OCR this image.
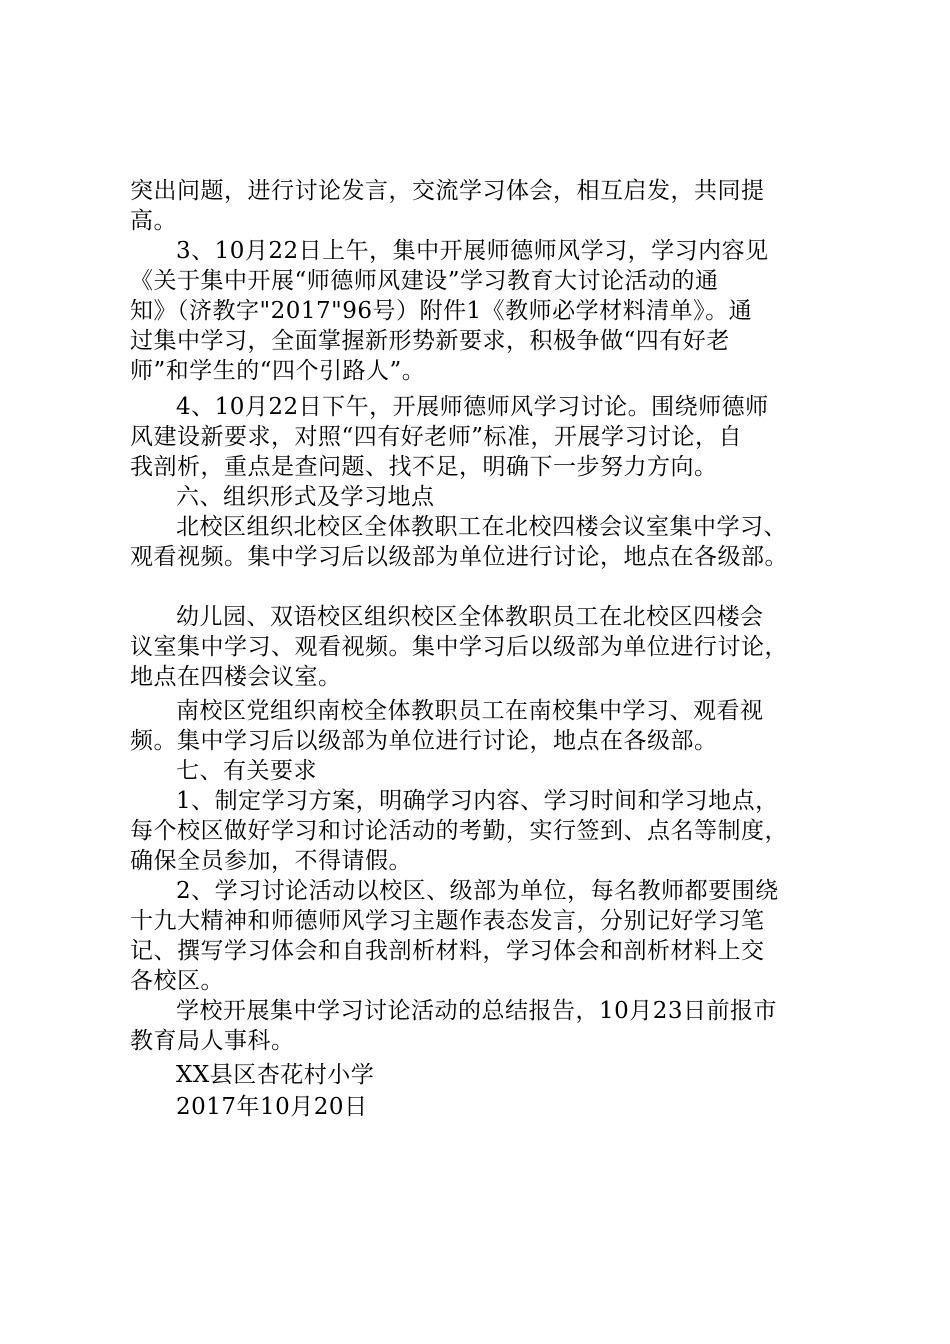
突出问题，进行讨论发言，交流学习体会，相互启发，共同提
高。
3、10月22日上午，集中开展师德师风学习，学习内容见
《关于集中开展“师德师风建设”学习教育大讨论活动的通
知》（济教字"2017"96号）附件1《教师必学材料清单》。通
过集中学习，全面掌握新形势新要求，积极争做“四有好老
师”和学生的“四个引路人”。
4、10月22日下午，开展师德师风学习讨论。围绕师德师
风建设新要求，对照“四有好老师”标准，开展学习讨论，自
我剖析，重点是查问题、找不足，明确下一步努力方向。
六、组织形式及学习地点
北校区组织北校区全体教职工在北校四楼会议室集中学习、
观看视频。集中学习后以级部为单位进行讨论，地点在各级部。
幼儿园、双语校区组织校区全体教职员工在北校区四楼会
议室集中学习、观看视频。集中学习后以级部为单位进行讨论，
地点在四楼会议室。
南校区党组织南校全体教职员工在南校集中学习、观看视
频。集中学习后以级部为单位进行讨论，地点在各级部。
七、有关要求
1、制定学习方案，明确学习内容、学习时间和学习地点，
每个校区做好学习和讨论活动的考勤，实行签到、点名等制度，
确保全员参加，不得请假。
2、学习讨论活动以校区、级部为单位，每名教师都要围绕
十九大精神和师德师风学习主题作表态发言，分别记好学习笔
记、撰写学习体会和自我剖析材料，学习体会和剖析材料上交
各校区。
学校开展集中学习讨论活动的总结报告，10月23日前报市
教育局人事科。
XX县区杏花村小学
2017年10月20日
